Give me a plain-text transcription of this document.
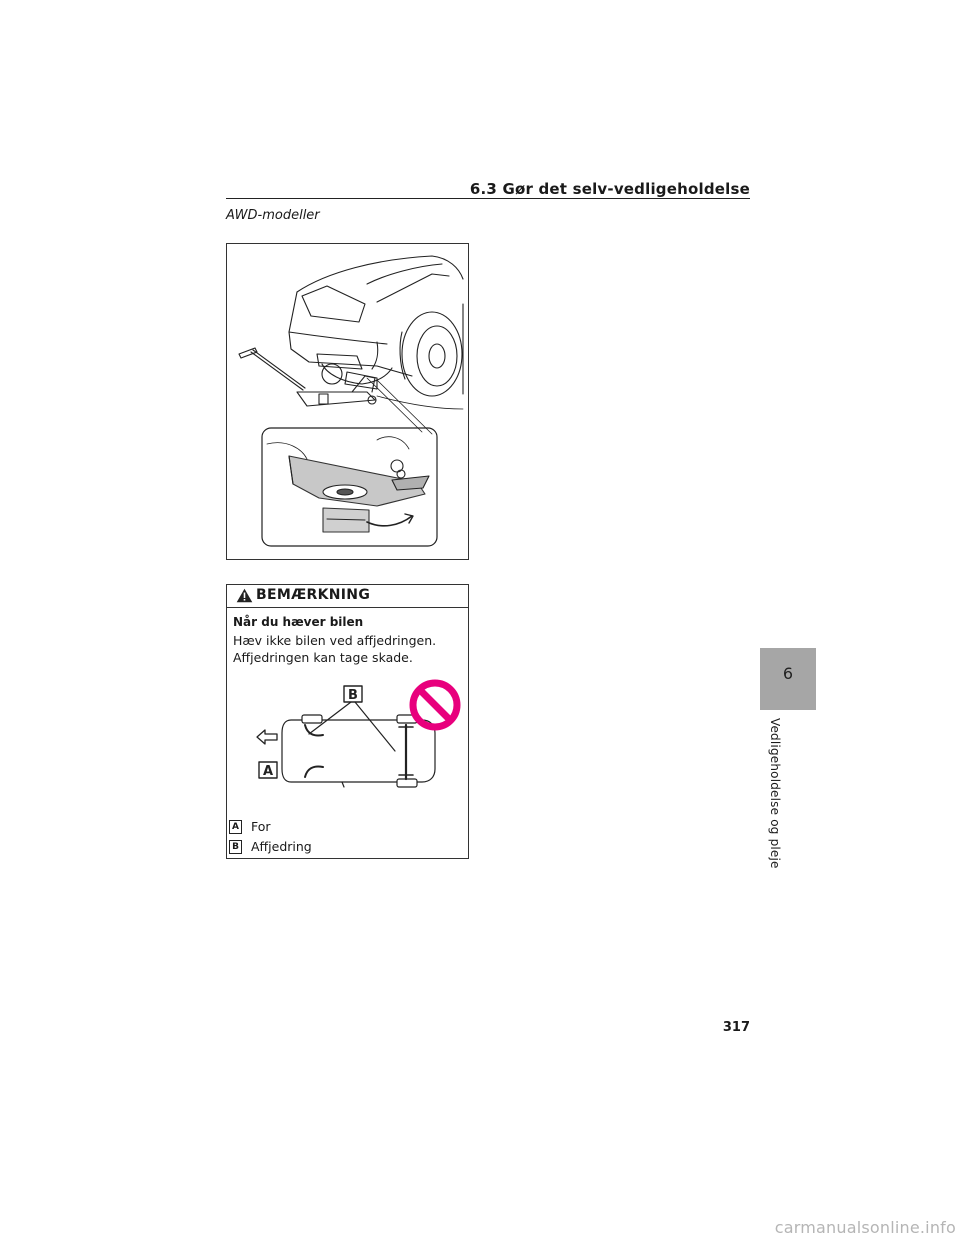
6.3 Gør det selv-vedligeholdelse
AWD-modeller
BEMÆRKNING
Når du hæver bilen
Hæv ikke bilen ved affjedringen.
Affjedringen kan tage skade.
B
A
A For
B Affjedring
6
Vedligeholdelse og pleje
317
carmanualsonline.info
